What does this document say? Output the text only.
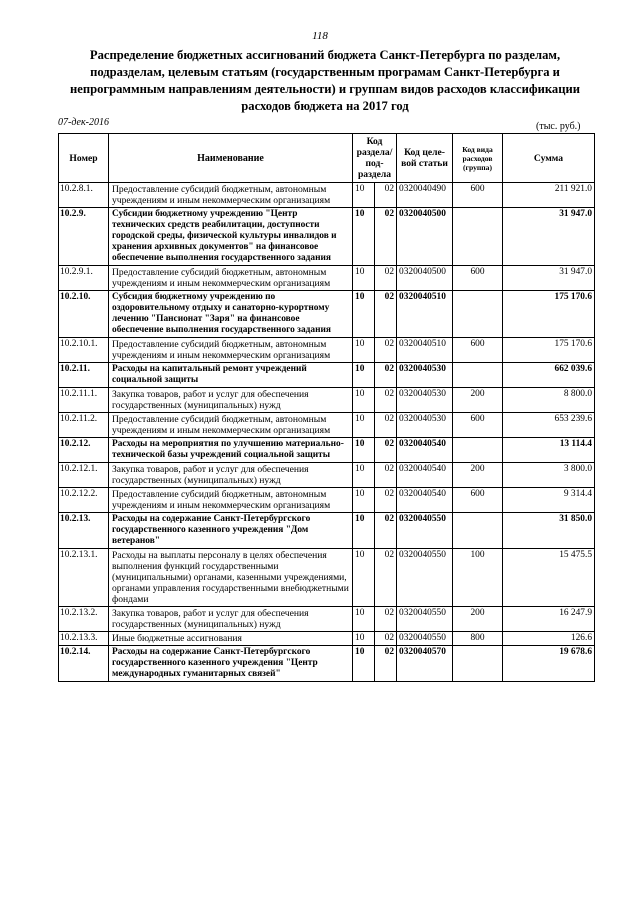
118
Распределение бюджетных ассигнований бюджета Санкт-Петербурга по разделам, подразделам, целевым статьям (государственным програмам Санкт-Петербурга и непрограммным направлениям деятельности) и группам видов расходов классификации расходов бюджета на 2017 год
07-дек-2016	(тыс. руб.)
Номер	Наименование	Код раздела/ под-раздела		Код целе-вой статьи	Код вида расходов (группа)	Сумма
10.2.8.1.	Предоставление субсидий бюджетным, автономным учреждениям и иным некоммерческим организациям	10	02	0320040490	600	211 921.0
10.2.9.	Субсидии бюджетному учреждению "Центр технических средств реабилитации, доступности городской среды, физической культуры инвалидов и хранения архивных документов" на финансовое обеспечение выполнения государственного задания	10	02	0320040500		31 947.0
10.2.9.1.	Предоставление субсидий бюджетным, автономным учреждениям и иным некоммерческим организациям	10	02	0320040500	600	31 947.0
10.2.10.	Субсидия бюджетному учреждению по оздоровительному отдыху и санаторно-курортному лечению "Пансионат "Заря" на финансовое обеспечение выполнения государственного задания	10	02	0320040510		175 170.6
10.2.10.1.	Предоставление субсидий бюджетным, автономным учреждениям и иным некоммерческим организациям	10	02	0320040510	600	175 170.6
10.2.11.	Расходы на капитальный ремонт учреждений социальной защиты	10	02	0320040530		662 039.6
10.2.11.1.	Закупка товаров, работ и услуг для обеспечения государственных (муниципальных) нужд	10	02	0320040530	200	8 800.0
10.2.11.2.	Предоставление субсидий бюджетным, автономным учреждениям и иным некоммерческим организациям	10	02	0320040530	600	653 239.6
10.2.12.	Расходы на мероприятия по улучшению материально-технической базы учреждений социальной защиты	10	02	0320040540		13 114.4
10.2.12.1.	Закупка товаров, работ и услуг для обеспечения государственных (муниципальных) нужд	10	02	0320040540	200	3 800.0
10.2.12.2.	Предоставление субсидий бюджетным, автономным учреждениям и иным некоммерческим организациям	10	02	0320040540	600	9 314.4
10.2.13.	Расходы на содержание Санкт-Петербургского государственного казенного учреждения "Дом ветеранов"	10	02	0320040550		31 850.0
10.2.13.1.	Расходы на выплаты персоналу в целях обеспечения выполнения функций государственными (муниципальными) органами, казенными учреждениями, органами управления государственными внебюджетными фондами	10	02	0320040550	100	15 475.5
10.2.13.2.	Закупка товаров, работ и услуг для обеспечения государственных (муниципальных) нужд	10	02	0320040550	200	16 247.9
10.2.13.3.	Иные бюджетные ассигнования	10	02	0320040550	800	126.6
10.2.14.	Расходы на содержание Санкт-Петербургского государственного казенного учреждения "Центр международных гуманитарных связей"	10	02	0320040570		19 678.6
